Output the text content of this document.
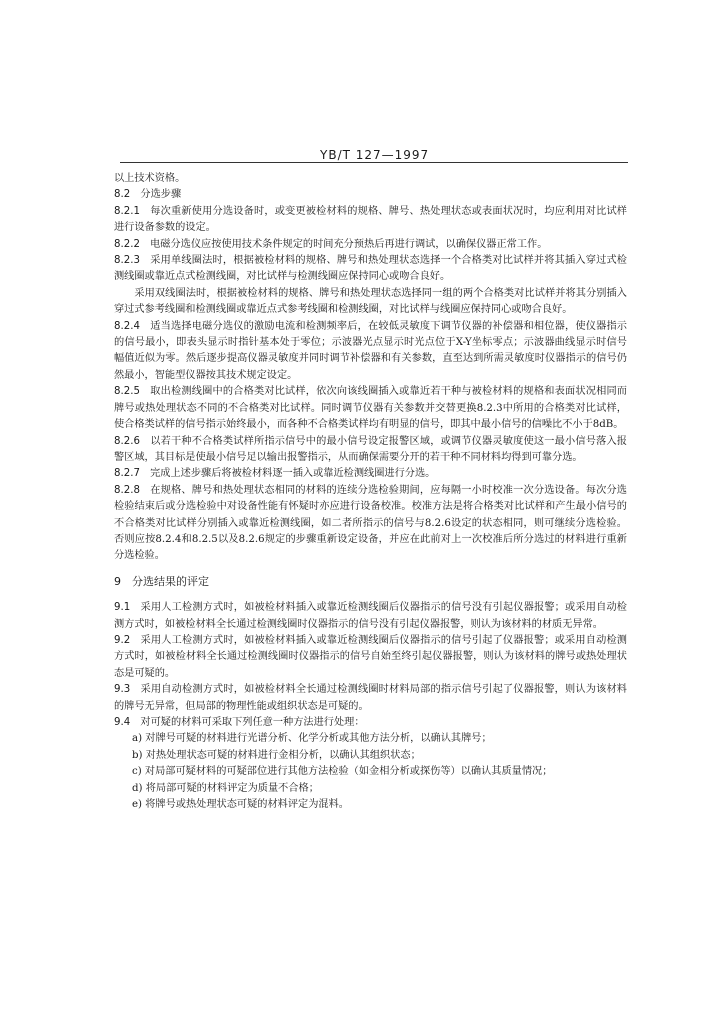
YB/T 127—1997

以上技术资格。

8.2 分选步骤

8.2.1 每次重新使用分选设备时，或变更被检材料的规格、牌号、热处理状态或表面状况时，均应利用对比试样进行设备参数的设定。

8.2.2 电磁分选仪应按使用技术条件规定的时间充分预热后再进行调试，以确保仪器正常工作。

8.2.3 采用单线圈法时，根据被检材料的规格、牌号和热处理状态选择一个合格类对比试样并将其插入穿过式检测线圈或靠近点式检测线圈，对比试样与检测线圈应保持同心或吻合良好。

采用双线圈法时，根据被检材料的规格、牌号和热处理状态选择同一组的两个合格类对比试样并将其分别插入穿过式参考线圈和检测线圈或靠近点式参考线圈和检测线圈，对比试样与线圈应保持同心或吻合良好。

8.2.4 适当选择电磁分选仪的激励电流和检测频率后，在较低灵敏度下调节仪器的补偿器和相位器，使仪器指示的信号最小，即表头显示时指针基本处于零位；示波器光点显示时光点位于X-Y坐标零点；示波器曲线显示时信号幅值近似为零。然后逐步提高仪器灵敏度并同时调节补偿器和有关参数，直至达到所需灵敏度时仪器指示的信号仍然最小，智能型仪器按其技术规定设定。

8.2.5 取出检测线圈中的合格类对比试样，依次向该线圈插入或靠近若干种与被检材料的规格和表面状况相同而牌号或热处理状态不同的不合格类对比试样。同时调节仪器有关参数并交替更换8.2.3中所用的合格类对比试样，使合格类试样的信号指示始终最小，而各种不合格类试样均有明显的信号，即其中最小信号的信噪比不小于8dB。

8.2.6 以若干种不合格类试样所指示信号中的最小信号设定报警区域，或调节仪器灵敏度使这一最小信号落入报警区域，其目标是使最小信号足以输出报警指示，从而确保需要分开的若干种不同材料均得到可靠分选。

8.2.7 完成上述步骤后将被检材料逐一插入或靠近检测线圈进行分选。

8.2.8 在规格、牌号和热处理状态相同的材料的连续分选检验期间，应每隔一小时校准一次分选设备。每次分选检验结束后或分选检验中对设备性能有怀疑时亦应进行设备校准。校准方法是将合格类对比试样和产生最小信号的不合格类对比试样分别插入或靠近检测线圈，如二者所指示的信号与8.2.6设定的状态相同，则可继续分选检验。否则应按8.2.4和8.2.5以及8.2.6规定的步骤重新设定设备，并应在此前对上一次校准后所分选过的材料进行重新分选检验。

9 分选结果的评定

9.1 采用人工检测方式时，如被检材料插入或靠近检测线圈后仪器指示的信号没有引起仪器报警；或采用自动检测方式时，如被检材料全长通过检测线圈时仪器指示的信号没有引起仪器报警，则认为该材料的材质无异常。

9.2 采用人工检测方式时，如被检材料插入或靠近检测线圈后仪器指示的信号引起了仪器报警；或采用自动检测方式时，如被检材料全长通过检测线圈时仪器指示的信号自始至终引起仪器报警，则认为该材料的牌号或热处理状态是可疑的。

9.3 采用自动检测方式时，如被检材料全长通过检测线圈时材料局部的指示信号引起了仪器报警，则认为该材料的牌号无异常，但局部的物理性能或组织状态是可疑的。

9.4 对可疑的材料可采取下列任意一种方法进行处理：

a) 对牌号可疑的材料进行光谱分析、化学分析或其他方法分析，以确认其牌号；

b) 对热处理状态可疑的材料进行金相分析，以确认其组织状态；

c) 对局部可疑材料的可疑部位进行其他方法检验（如金相分析或探伤等）以确认其质量情况；

d) 将局部可疑的材料评定为质量不合格；

e) 将牌号或热处理状态可疑的材料评定为混料。
